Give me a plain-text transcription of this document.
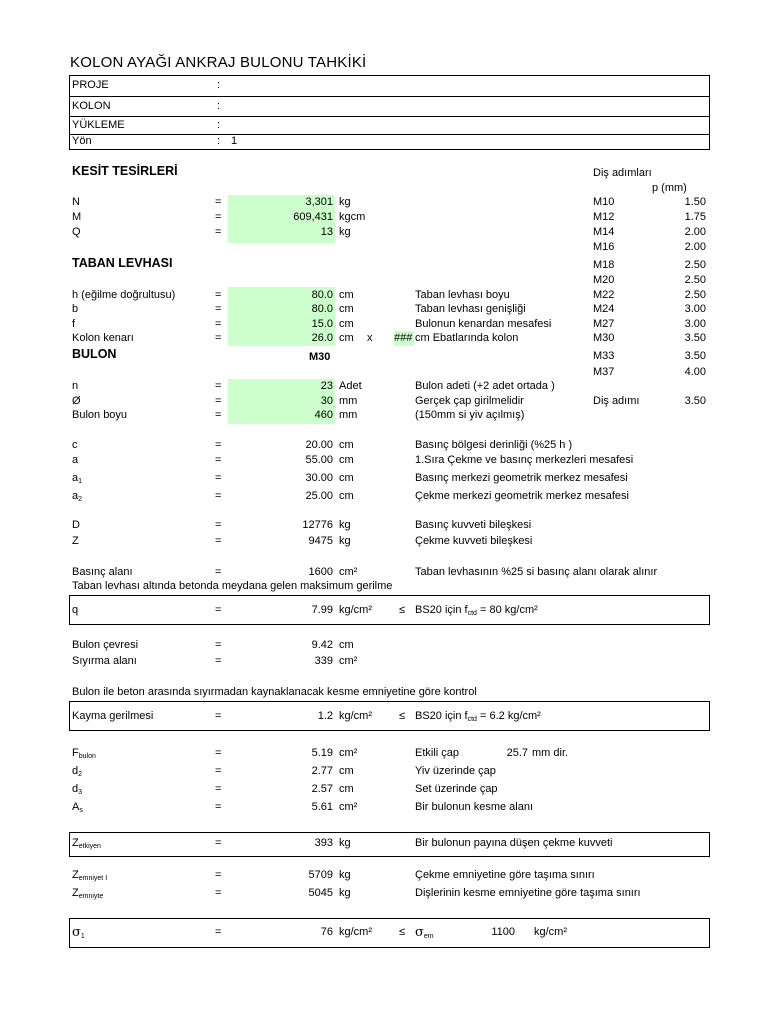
KOLON AYAĞI ANKRAJ BULONU TAHKİKİ
PROJE	:
KOLON	:
YÜKLEME	:
Yön	: 1
KESİT TESİRLERİ
N	=	3,301 kg
M	=	609,431 kgcm
Q	=	13 kg
Diş adımları
p (mm)
M10	1.50
M12	1.75
M14	2.00
M16	2.00
M18	2.50
M20	2.50
M22	2.50
M24	3.00
M27	3.00
M30	3.50
M33	3.50
M37	4.00
Diş adımı	3.50
TABAN LEVHASI
h (eğilme doğrultusu)	=	80.0 cm	Taban levhası boyu
b	=	80.0 cm	Taban levhası genişliği
f	=	15.0 cm	Bulonun kenardan mesafesi
Kolon kenarı	=	26.0 cm x ### cm Ebatlarında kolon
BULON	M30
n	=	23 Adet	Bulon adeti (+2 adet ortada )
Ø	=	30 mm	Gerçek çap girilmelidir
Bulon boyu	=	460 mm	(150mm si yiv açılmış)
c	=	20.00 cm	Basınç bölgesi derinliği (%25 h )
a	=	55.00 cm	1.Sıra Çekme ve basınç merkezleri mesafesi
$a_1$	=	30.00 cm	Basınç merkezi geometrik merkez mesafesi
$a_2$	=	25.00 cm	Çekme merkezi geometrik merkez mesafesi
D	=	12776 kg	Basınç kuvveti bileşkesi
Z	=	9475 kg	Çekme kuvveti bileşkesi
Basınç alanı	=	1600 cm²	Taban levhasının %25 si basınç alanı olarak alınır
Taban levhası altında betonda meydana gelen maksimum gerilme
q	=	7.99 kg/cm² ≤ BS20 için $f_{ctd} = 80$ kg/cm²
Bulon çevresi	=	9.42 cm
Sıyırma alanı	=	339 cm²
Bulon ile beton arasında sıyırmadan kaynaklanacak kesme emniyetine göre kontrol
Kayma gerilmesi	=	1.2 kg/cm² ≤ BS20 için $f_{ctd} = 6.2$ kg/cm²
$F_{bulon}$	=	5.19 cm²	Etkili çap	25.7 mm dir.
$d_2$	=	2.77 cm	Yiv üzerinde çap
$d_3$	=	2.57 cm	Set üzerinde çap
$A_s$	=	5.61 cm²	Bir bulonun kesme alanı
$Z_{etkiyen}$	=	393 kg	Bir bulonun payına düşen çekme kuvveti
$Z_{emniyet I}$	=	5709 kg	Çekme emniyetine göre taşıma sınırı
$Z_{emniyte}$	=	5045 kg	Dişlerinin kesme emniyetine göre taşıma sınırı
$\sigma_1$	=	76 $kg/cm^2 \le \sigma_{em}$	1100 kg/cm²
